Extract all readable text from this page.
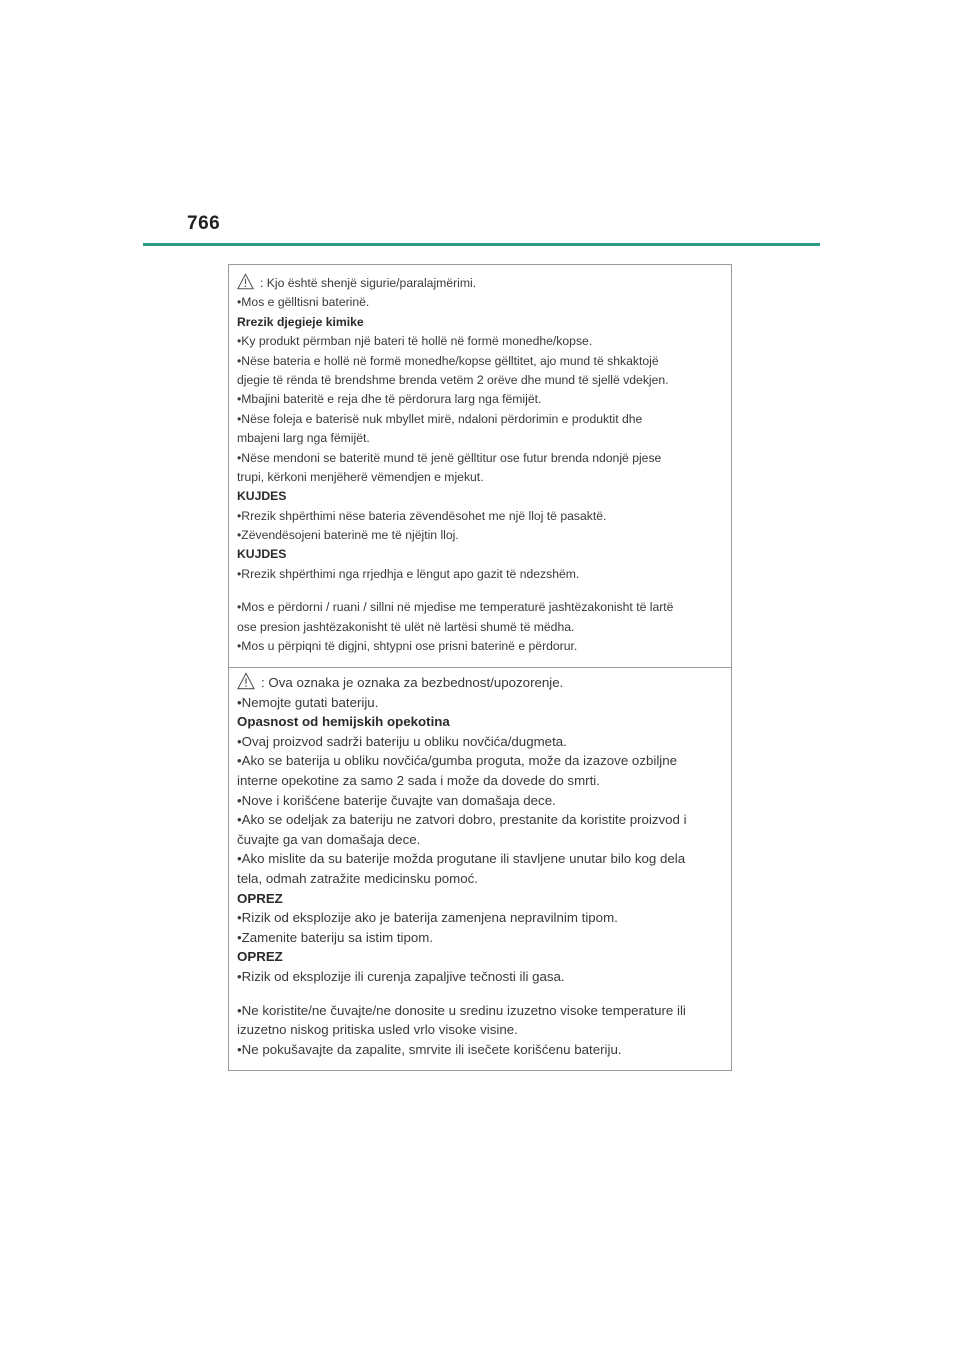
766
: Kjo është shenjë sigurie/paralajmërimi.
•Mos e gëlltisni baterinë.
Rrezik djegieje kimike
•Ky produkt përmban një bateri të hollë në formë monedhe/kopse.
•Nëse bateria e hollë në formë monedhe/kopse gëlltitet, ajo mund të shkaktojë
djegie të rënda të brendshme brenda vetëm 2 orëve dhe mund të sjellë vdekjen.
•Mbajini bateritë e reja dhe të përdorura larg nga fëmijët.
•Nëse foleja e baterisë nuk mbyllet mirë, ndaloni përdorimin e produktit dhe
mbajeni larg nga fëmijët.
•Nëse mendoni se bateritë mund të jenë gëlltitur ose futur brenda ndonjë pjese
trupi, kërkoni menjëherë vëmendjen e mjekut.
KUJDES
•Rrezik shpërthimi nëse bateria zëvendësohet me një lloj të pasaktë.
•Zëvendësojeni baterinë me të njëjtin lloj.
KUJDES
•Rrezik shpërthimi nga rrjedhja e lëngut apo gazit të ndezshëm.
•Mos e përdorni / ruani / sillni në mjedise me temperaturë jashtëzakonisht të lartë
ose presion jashtëzakonisht të ulët në lartësi shumë të mëdha.
•Mos u përpiqni të digjni, shtypni ose prisni baterinë e përdorur.
: Ova oznaka je oznaka za bezbednost/upozorenje.
•Nemojte gutati bateriju.
Opasnost od hemijskih opekotina
•Ovaj proizvod sadrži bateriju u obliku novčića/dugmeta.
•Ako se baterija u obliku novčića/gumba proguta, može da izazove ozbiljne
interne opekotine za samo 2 sada i može da dovede do smrti.
•Nove i korišćene baterije čuvajte van domašaja dece.
•Ako se odeljak za bateriju ne zatvori dobro, prestanite da koristite proizvod i
čuvajte ga van domašaja dece.
•Ako mislite da su baterije možda progutane ili stavljene unutar bilo kog dela
tela, odmah zatražite medicinsku pomoć.
OPREZ
•Rizik od eksplozije ako je baterija zamenjena nepravilnim tipom.
•Zamenite bateriju sa istim tipom.
OPREZ
•Rizik od eksplozije ili curenja zapaljive tečnosti ili gasa.
•Ne koristite/ne čuvajte/ne donosite u sredinu izuzetno visoke temperature ili
izuzetno niskog pritiska usled vrlo visoke visine.
•Ne pokušavajte da zapalite, smrvite ili isečete korišćenu bateriju.
